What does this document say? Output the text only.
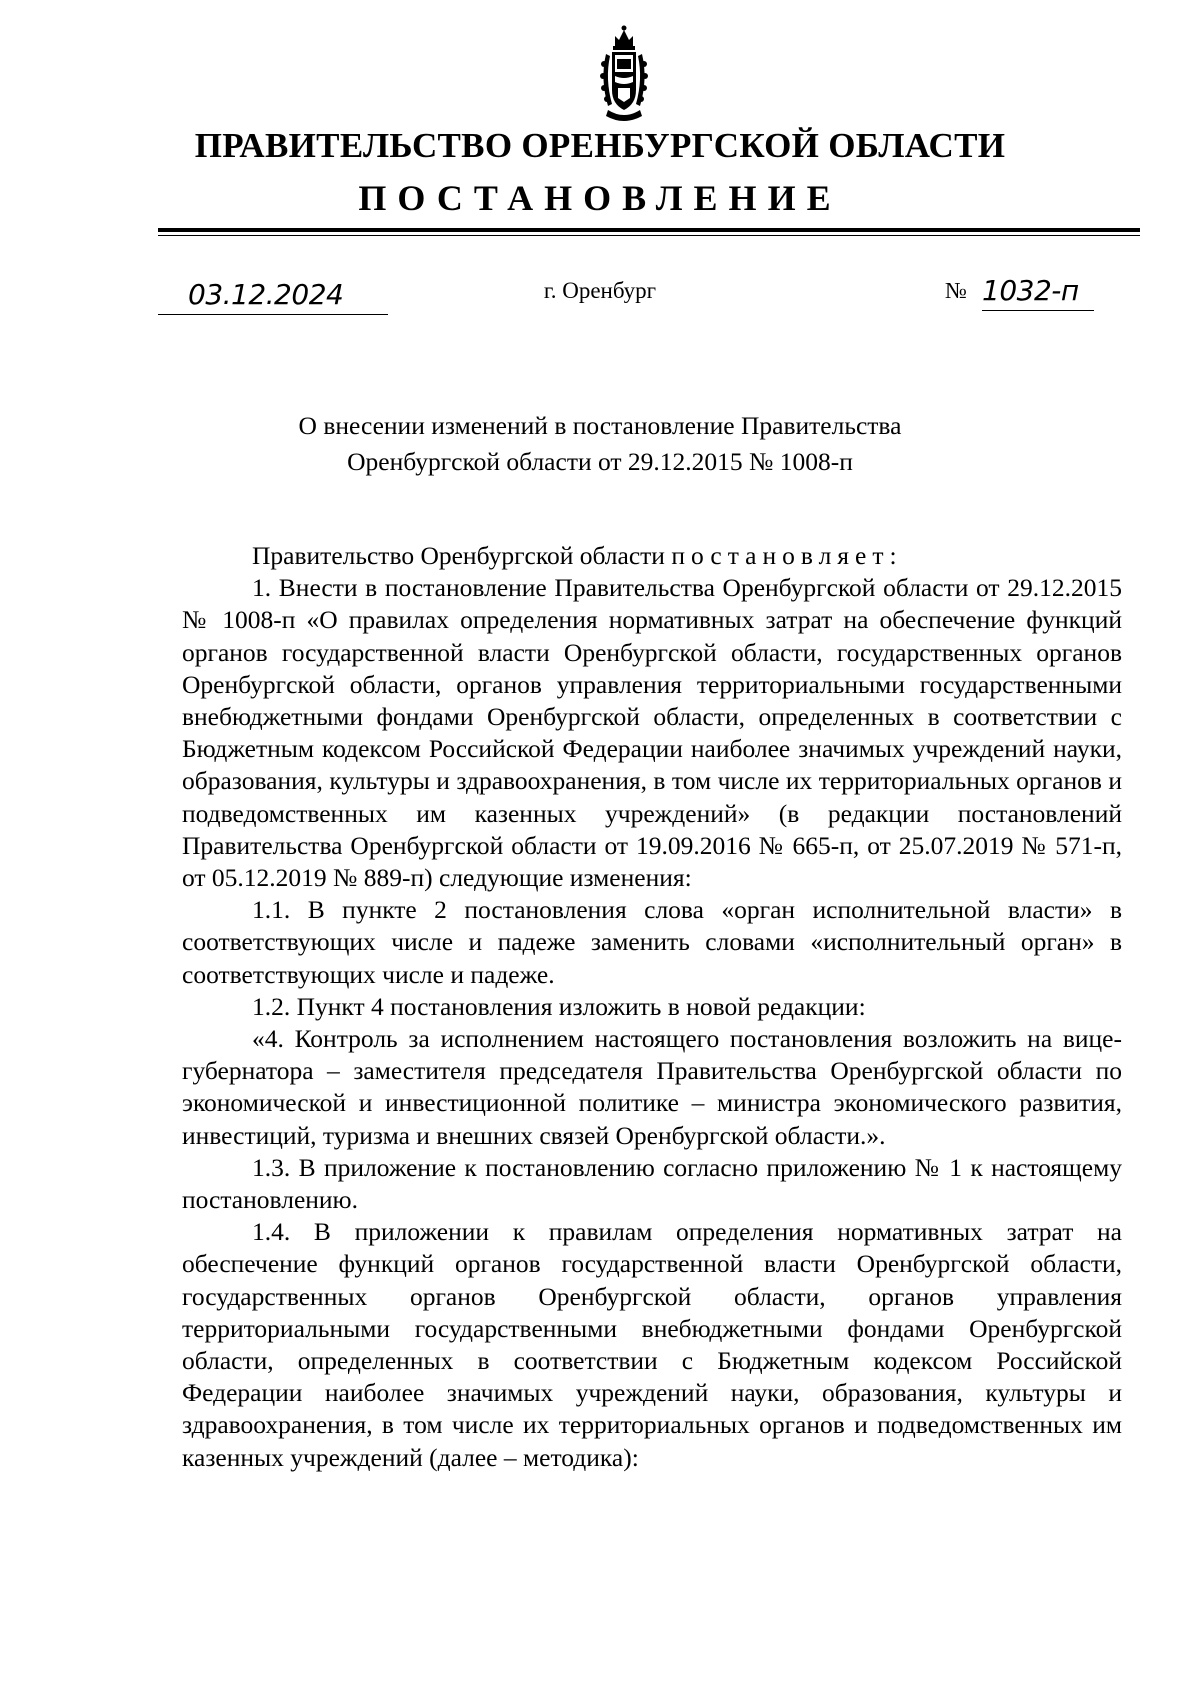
ПРАВИТЕЛЬСТВО ОРЕНБУРГСКОЙ ОБЛАСТИ
ПОСТАНОВЛЕНИЕ
03.12.2024	г. Оренбург	№ 1032-п
О внесении изменений в постановление Правительства
Оренбургской области от 29.12.2015 № 1008-п

Правительство Оренбургской области постановляет:

1. Внести в постановление Правительства Оренбургской области от 29.12.2015 № 1008-п «О правилах определения нормативных затрат на обеспечение функций органов государственной власти Оренбургской области, государственных органов Оренбургской области, органов управления территориальными государственными внебюджетными фондами Оренбургской области, определенных в соответствии с Бюджетным кодексом Российской Федерации наиболее значимых учреждений науки, образования, культуры и здравоохранения, в том числе их территориальных органов и подведомственных им казенных учреждений» (в редакции постановлений Правительства Оренбургской области от 19.09.2016 № 665-п, от 25.07.2019 № 571-п, от 05.12.2019 № 889-п) следующие изменения:

1.1. В пункте 2 постановления слова «орган исполнительной власти» в соответствующих числе и падеже заменить словами «исполнительный орган» в соответствующих числе и падеже.

1.2. Пункт 4 постановления изложить в новой редакции:

«4. Контроль за исполнением настоящего постановления возложить на вице-губернатора – заместителя председателя Правительства Оренбургской области по экономической и инвестиционной политике – министра экономического развития, инвестиций, туризма и внешних связей Оренбургской области.».

1.3. В приложение к постановлению согласно приложению № 1 к настоящему постановлению.

1.4. В приложении к правилам определения нормативных затрат на обеспечение функций органов государственной власти Оренбургской области, государственных органов Оренбургской области, органов управления территориальными государственными внебюджетными фондами Оренбургской области, определенных в соответствии с Бюджетным кодексом Российской Федерации наиболее значимых учреждений науки, образования, культуры и здравоохранения, в том числе их территориальных органов и подведомственных им казенных учреждений (далее – методика):
